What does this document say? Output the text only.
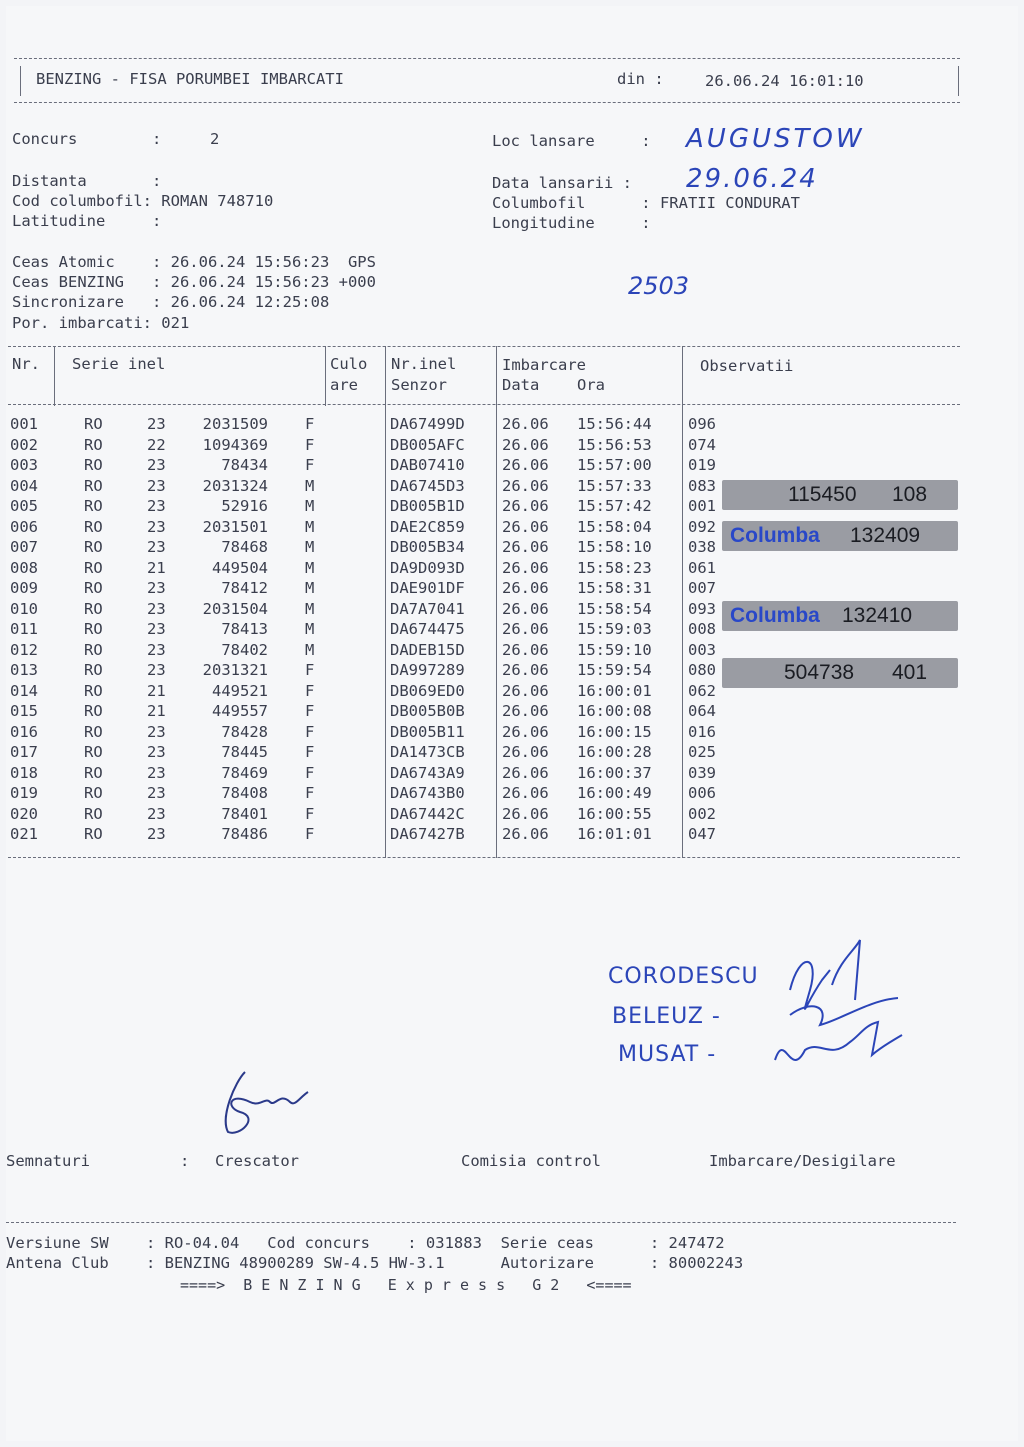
BENZING - FISA PORUMBEI IMBARCATI	din :	26.06.24 16:01:10
Concurs        :	2	Loc lansare     : AUGUSTOW
Distanta       :	Data lansarii : 29.06.24
Cod columbofil: ROMAN 748710	Columbofil      : FRATII CONDURAT
Latitudine     :	Longitudine     :
Ceas Atomic    : 26.06.24 15:56:23  GPS
Ceas BENZING   : 26.06.24 15:56:23 +000
Sincronizare   : 26.06.24 12:25:08
Por. imbarcati: 021
2503
Nr. Serie inel	Culo
are
Nr.inel
Senzor
Imbarcare
Data Ora
Observatii
001	RO	23	2031509 F	DA67499D 26.06 15:56:44 096
002	RO	22	1094369 F	DB005AFC 26.06 15:56:53 074
003	RO	23	78434 F	DAB07410 26.06 15:57:00 019
004	RO	23	2031324 M	DA6745D3 26.06 15:57:33 083
005	RO	23	52916 M	DB005B1D 26.06 15:57:42 001
006	RO	23	2031501 M	DAE2C859 26.06 15:58:04 092
007	RO	23	78468 M	DB005B34 26.06 15:58:10 038
008	RO	21	449504 M	DA9D093D 26.06 15:58:23 061
009	RO	23	78412 M	DAE901DF 26.06 15:58:31 007
010	RO	23	2031504 M	DA7A7041 26.06 15:58:54 093
011	RO	23	78413 M	DA674475 26.06 15:59:03 008
012	RO	23	78402 M	DADEB15D 26.06 15:59:10 003
013	RO	23	2031321 F	DA997289 26.06 15:59:54 080
014	RO	21	449521 F	DB069ED0 26.06 16:00:01 062
015	RO	21	449557 F	DB005B0B 26.06 16:00:08 064
016	RO	23	78428 F	DB005B11 26.06 16:00:15 016
017	RO	23	78445 F	DA1473CB 26.06 16:00:28 025
018	RO	23	78469 F	DA6743A9 26.06 16:00:37 039
019	RO	23	78408 F	DA6743B0 26.06 16:00:49 006
020	RO	23	78401 F	DA67442C 26.06 16:00:55 002
021	RO	23	78486 F	DA67427B 26.06 16:01:01 047
115450 108
Columba 132409
Columba 132410
504738 401
CORODESCU
BELEUZ -
MUSAT -
Semnaturi	: Crescator	Comisia control	Imbarcare/Desigilare
Versiune SW    : RO-04.04   Cod concurs    : 031883  Serie ceas      : 247472
Antena Club    : BENZING 48900289 SW-4.5 HW-3.1      Autorizare      : 80002243
====>  B E N Z I N G   E x p r e s s   G 2   <====
